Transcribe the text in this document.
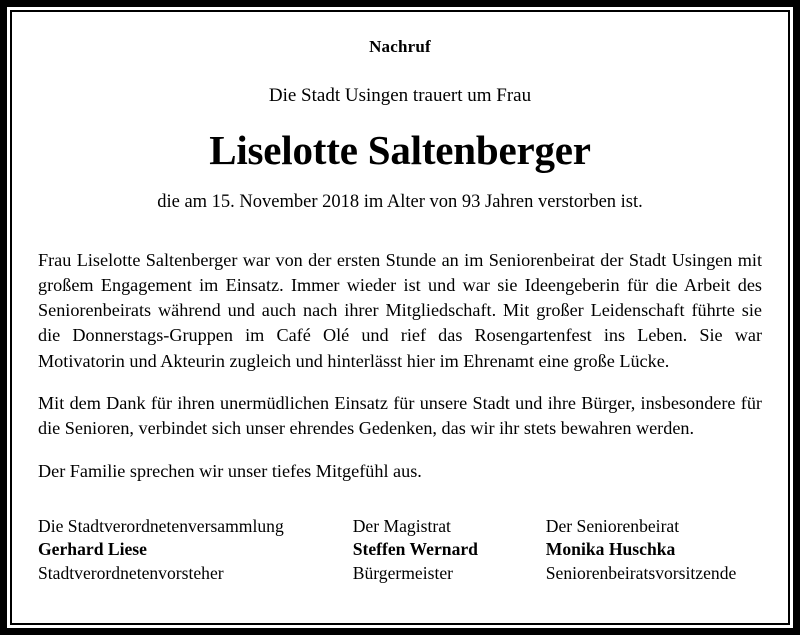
Nachruf
Die Stadt Usingen trauert um Frau
Liselotte Saltenberger
die am 15. November 2018 im Alter von 93 Jahren verstorben ist.

Frau Liselotte Saltenberger war von der ersten Stunde an im Seniorenbeirat der Stadt Usingen mit großem Engagement im Einsatz. Immer wieder ist und war sie Ideengeberin für die Arbeit des Seniorenbeirats während und auch nach ihrer Mitgliedschaft. Mit großer Leidenschaft führte sie die Donnerstags-Gruppen im Café Olé und rief das Rosengartenfest ins Leben. Sie war Motivatorin und Akteurin zugleich und hinterlässt hier im Ehrenamt eine große Lücke.

Mit dem Dank für ihren unermüdlichen Einsatz für unsere Stadt und ihre Bürger, insbesondere für die Senioren, verbindet sich unser ehrendes Gedenken, das wir ihr stets bewahren werden.

Der Familie sprechen wir unser tiefes Mitgefühl aus.

Die Stadtverordnetenversammlung
Gerhard Liese
Stadtverordnetenvorsteher
Der Magistrat
Steffen Wernard
Bürgermeister
Der Seniorenbeirat
Monika Huschka
Seniorenbeiratsvorsitzende
